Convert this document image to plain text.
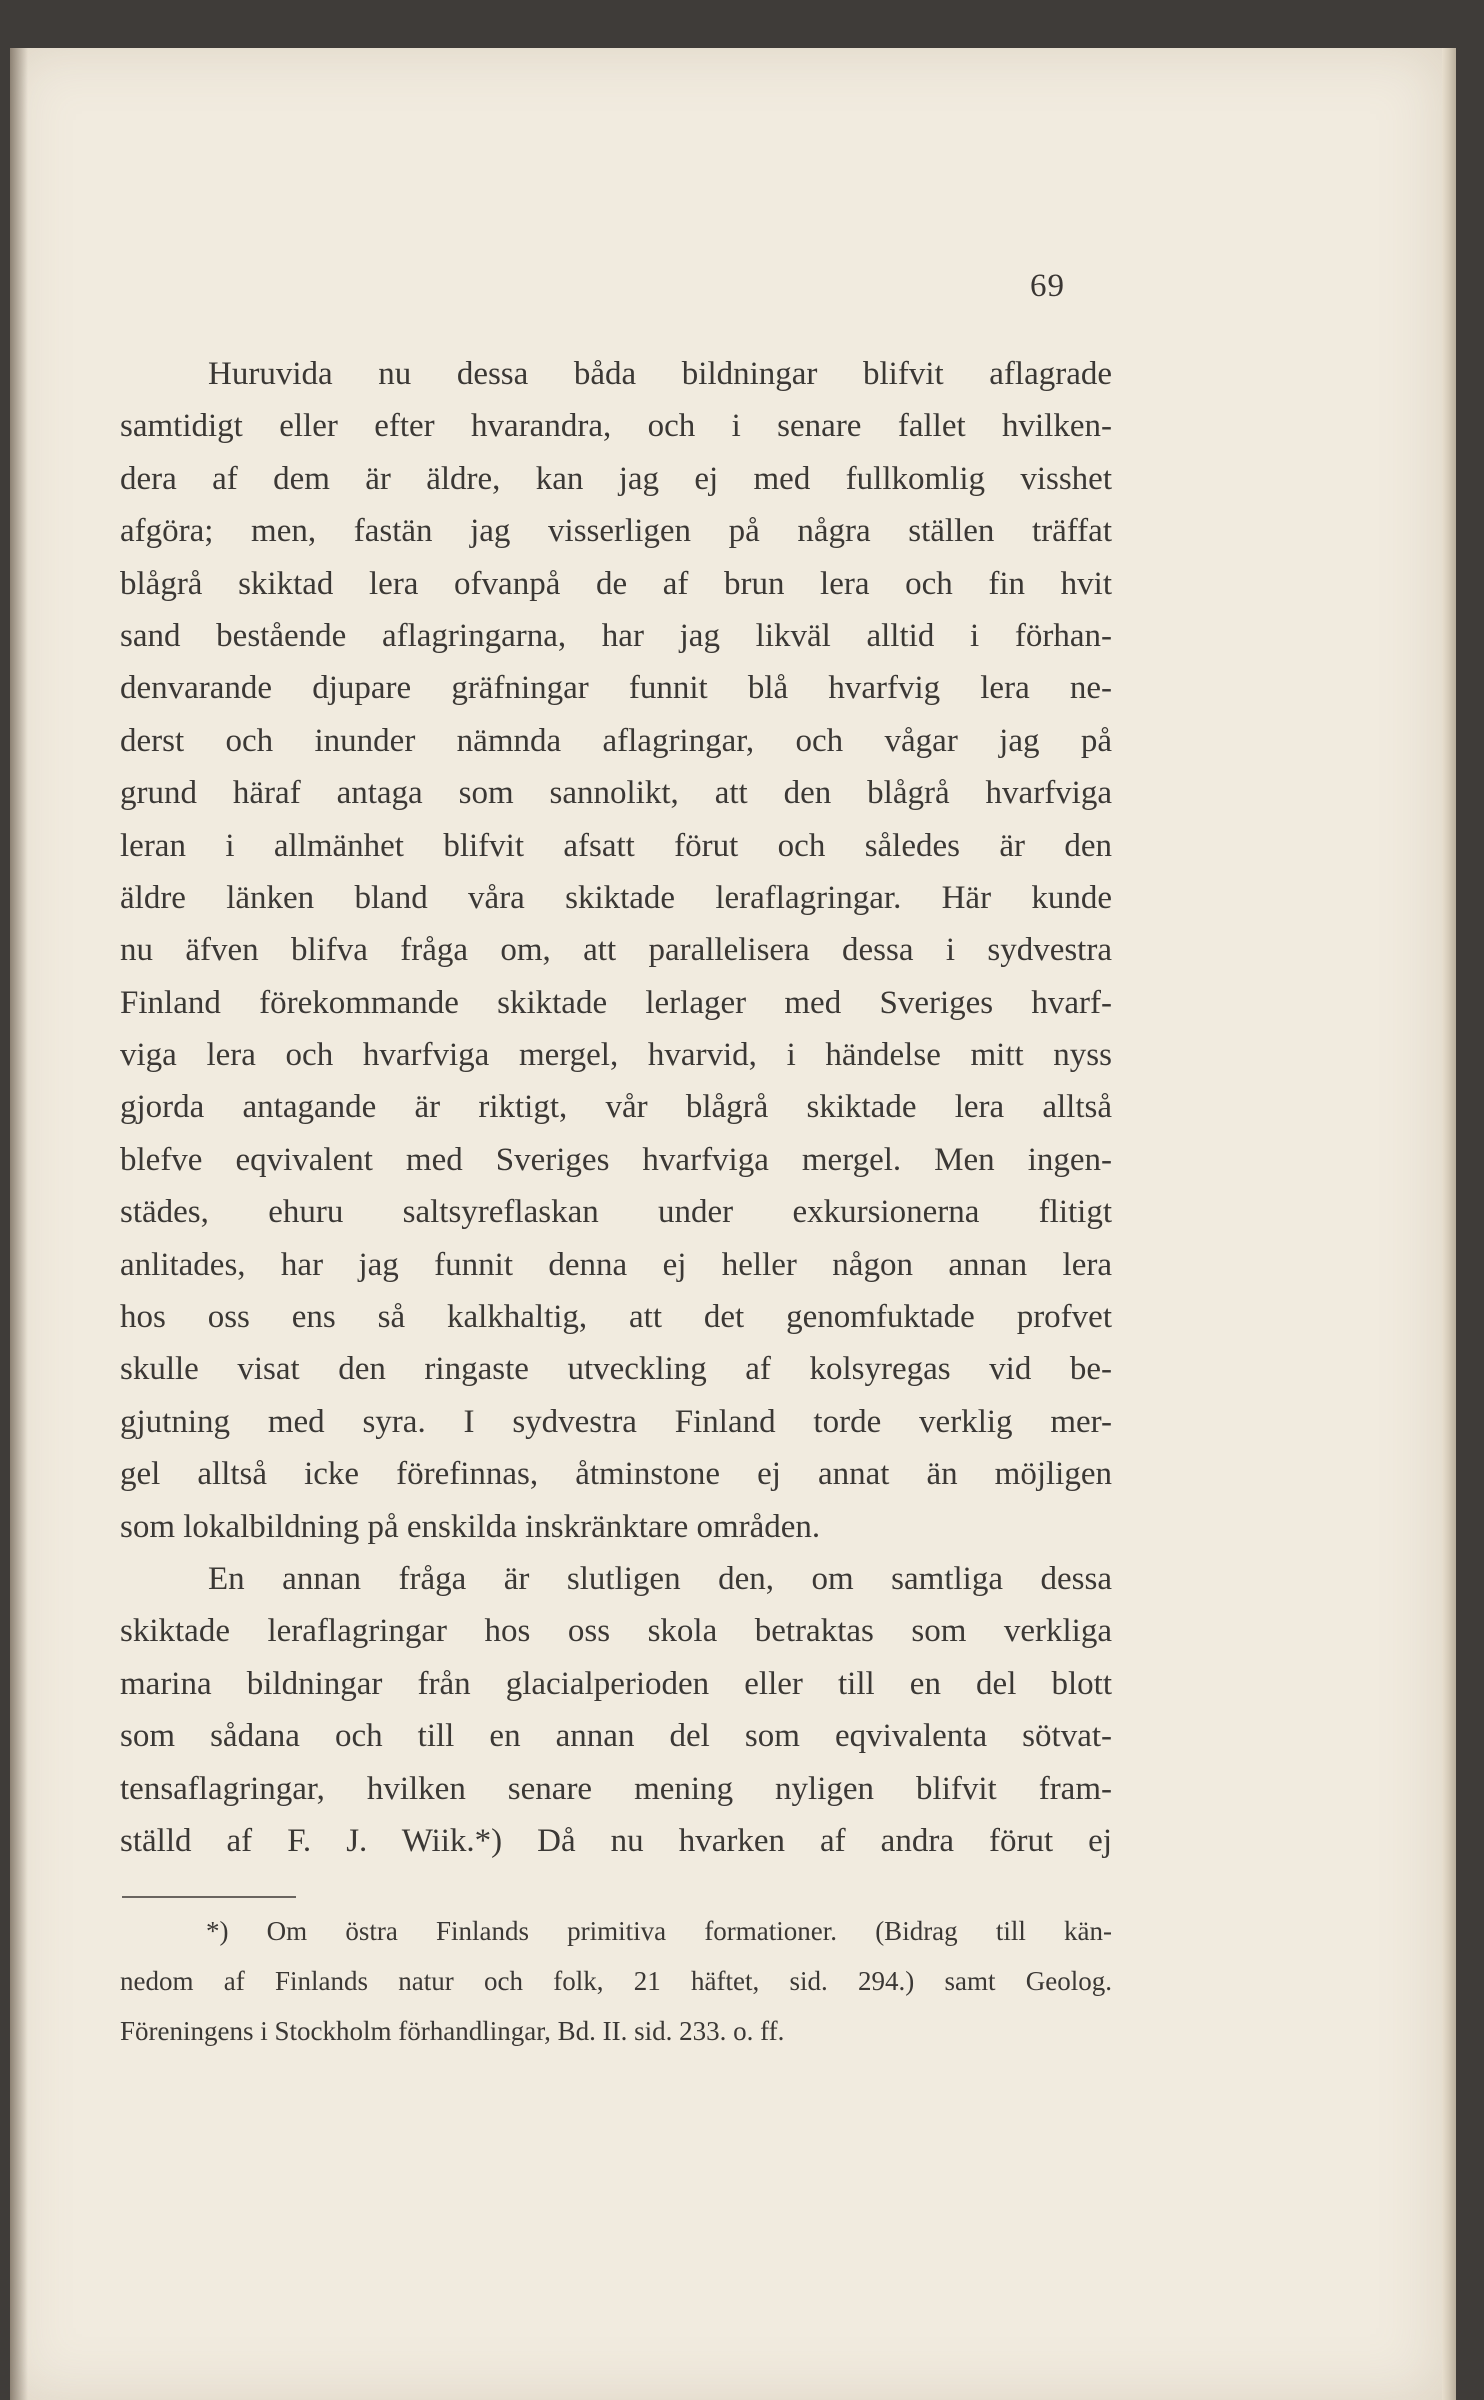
69
Huruvida nu dessa båda bildningar blifvit aflagrade
samtidigt eller efter hvarandra, och i senare fallet hvilken-
dera af dem är äldre, kan jag ej med fullkomlig visshet
afgöra; men, fastän jag visserligen på några ställen träffat
blågrå skiktad lera ofvanpå de af brun lera och fin hvit
sand bestående aflagringarna, har jag likväl alltid i förhan-
denvarande djupare gräfningar funnit blå hvarfvig lera ne-
derst och inunder nämnda aflagringar, och vågar jag på
grund häraf antaga som sannolikt, att den blågrå hvarfviga
leran i allmänhet blifvit afsatt förut och således är den
äldre länken bland våra skiktade leraflagringar. Här kunde
nu äfven blifva fråga om, att parallelisera dessa i sydvestra
Finland förekommande skiktade lerlager med Sveriges hvarf-
viga lera och hvarfviga mergel, hvarvid, i händelse mitt nyss
gjorda antagande är riktigt, vår blågrå skiktade lera alltså
blefve eqvivalent med Sveriges hvarfviga mergel. Men ingen-
städes, ehuru saltsyreflaskan under exkursionerna flitigt
anlitades, har jag funnit denna ej heller någon annan lera
hos oss ens så kalkhaltig, att det genomfuktade profvet
skulle visat den ringaste utveckling af kolsyregas vid be-
gjutning med syra. I sydvestra Finland torde verklig mer-
gel alltså icke förefinnas, åtminstone ej annat än möjligen
som lokalbildning på enskilda inskränktare områden.
En annan fråga är slutligen den, om samtliga dessa
skiktade leraflagringar hos oss skola betraktas som verkliga
marina bildningar från glacialperioden eller till en del blott
som sådana och till en annan del som eqvivalenta sötvat-
tensaflagringar, hvilken senare mening nyligen blifvit fram-
ställd af F. J. Wiik.*) Då nu hvarken af andra förut ej
*) Om östra Finlands primitiva formationer. (Bidrag till kän-
nedom af Finlands natur och folk, 21 häftet, sid. 294.) samt Geolog.
Föreningens i Stockholm förhandlingar, Bd. II. sid. 233. o. ff.
